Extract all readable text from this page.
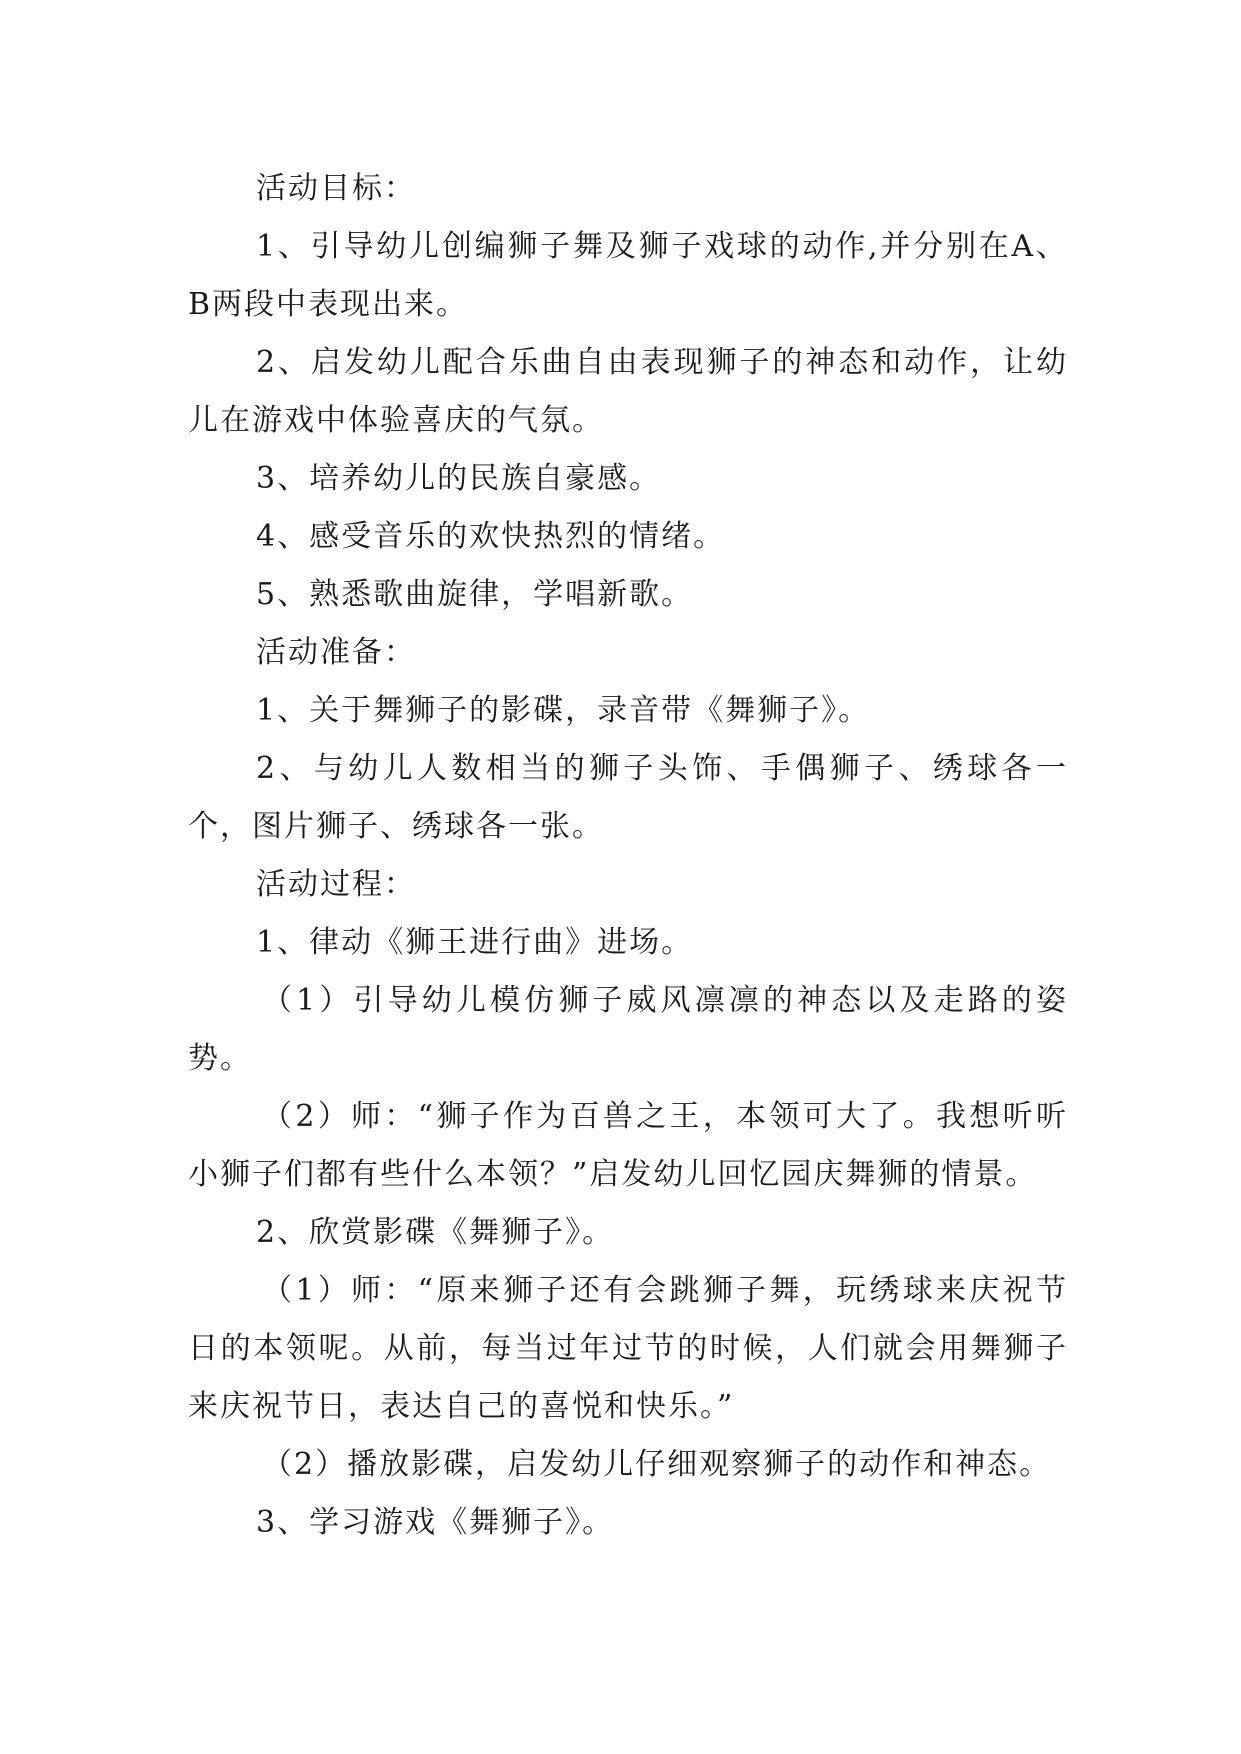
活动目标：

1、引导幼儿创编狮子舞及狮子戏球的动作,并分别在A、B两段中表现出来。

2、启发幼儿配合乐曲自由表现狮子的神态和动作，让幼儿在游戏中体验喜庆的气氛。

3、培养幼儿的民族自豪感。

4、感受音乐的欢快热烈的情绪。

5、熟悉歌曲旋律，学唱新歌。

活动准备：

1、关于舞狮子的影碟，录音带《舞狮子》。

2、与幼儿人数相当的狮子头饰、手偶狮子、绣球各一个，图片狮子、绣球各一张。

活动过程：

1、律动《狮王进行曲》进场。

（1）引导幼儿模仿狮子威风凛凛的神态以及走路的姿势。

（2）师：“狮子作为百兽之王，本领可大了。我想听听小狮子们都有些什么本领？”启发幼儿回忆园庆舞狮的情景。

2、欣赏影碟《舞狮子》。

（1）师：“原来狮子还有会跳狮子舞，玩绣球来庆祝节日的本领呢。从前，每当过年过节的时候，人们就会用舞狮子来庆祝节日，表达自己的喜悦和快乐。”

（2）播放影碟，启发幼儿仔细观察狮子的动作和神态。

3、学习游戏《舞狮子》。
